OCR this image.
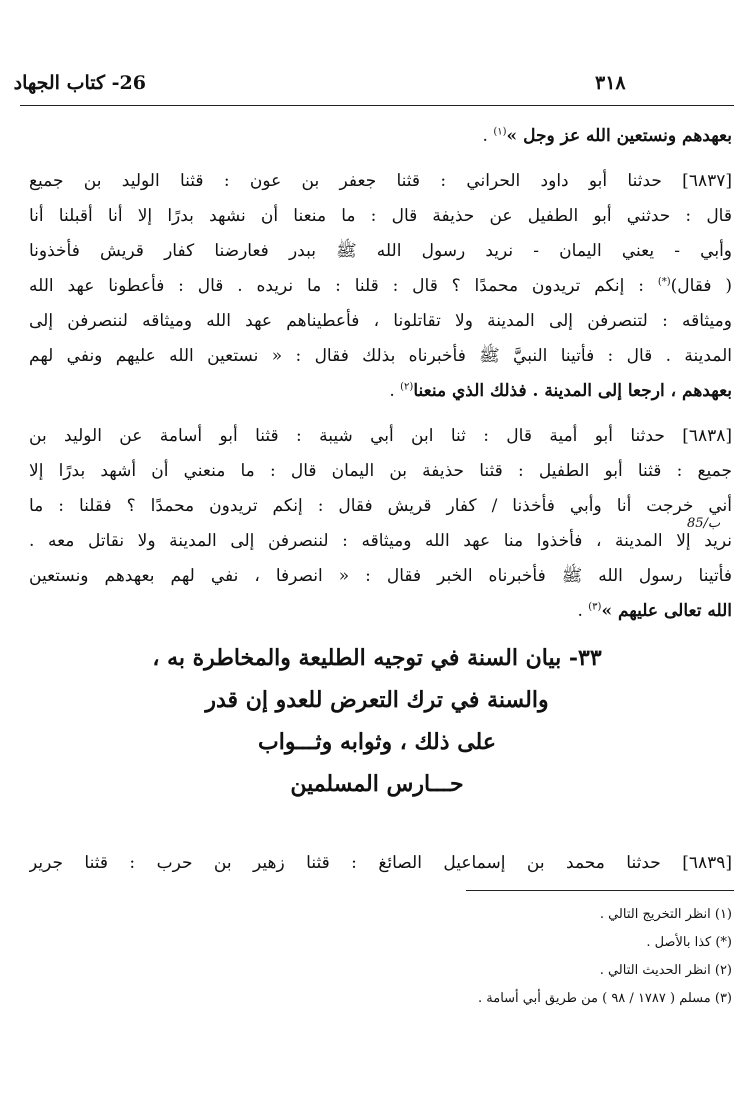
26- كتاب الجهاد	٣١٨
بعهدهم ونستعين الله عز وجل »$^{(١)}$ .
[٦٨٣٧] حدثنا أبو داود الحراني : قثنا جعفر بن عون : قثنا الوليد بن جميع
قال : حدثني أبو الطفيل عن حذيفة قال : ما منعنا أن نشهد بدرًا إلا أنا أقبلنا أنا
وأبي - يعني اليمان - نريد رسول الله ﷺ ببدر فعارضنا كفار قريش فأخذونا
( فقال)(*) : إنكم تريدون محمدًا ؟ قال : قلنا : ما نريده . قال : فأعطونا عهد الله
وميثاقه : لتنصرفن إلى المدينة ولا تقاتلونا ، فأعطيناهم عهد الله وميثاقه لننصرفن إلى
المدينة . قال : فأتينا النبيَّ ﷺ فأخبرناه بذلك فقال : « نستعين الله عليهم ونفي لهم
بعهدهم ، ارجعا إلى المدينة . فذلك الذي منعنا$^{(٢)}$ .
[٦٨٣٨] حدثنا أبو أمية قال : ثنا ابن أبي شيبة : قثنا أبو أسامة عن الوليد بن
جميع : قثنا أبو الطفيل : قثنا حذيفة بن اليمان قال : ما منعني أن أشهد بدرًا إلا
أني خرجت أنا وأبي فأخذنا / كفار قريش فقال : إنكم تريدون محمدًا ؟ فقلنا : ما
نريد إلا المدينة ، فأخذوا منا عهد الله وميثاقه : لننصرفن إلى المدينة ولا نقاتل معه .
فأتينا رسول الله ﷺ فأخبرناه الخبر فقال : « انصرفا ، نفي لهم بعهدهم ونستعين
الله تعالى عليهم »$^{(٣)}$ .
85/ب
٣٣- بيان السنة في توجيه الطليعة والمخاطرة به ،
والسنة في ترك التعرض للعدو إن قدر
على ذلك ، وثوابه وثـــواب
حـــارس المسلمين
[٦٨٣٩] حدثنا محمد بن إسماعيل الصائغ : قثنا زهير بن حرب : قثنا جرير
(١) انظر التخريج التالي .
(*) كذا بالأصل .
(٢) انظر الحديث التالي .
(٣) مسلم ( ١٧٨٧ / ٩٨ ) من طريق أبي أسامة .
